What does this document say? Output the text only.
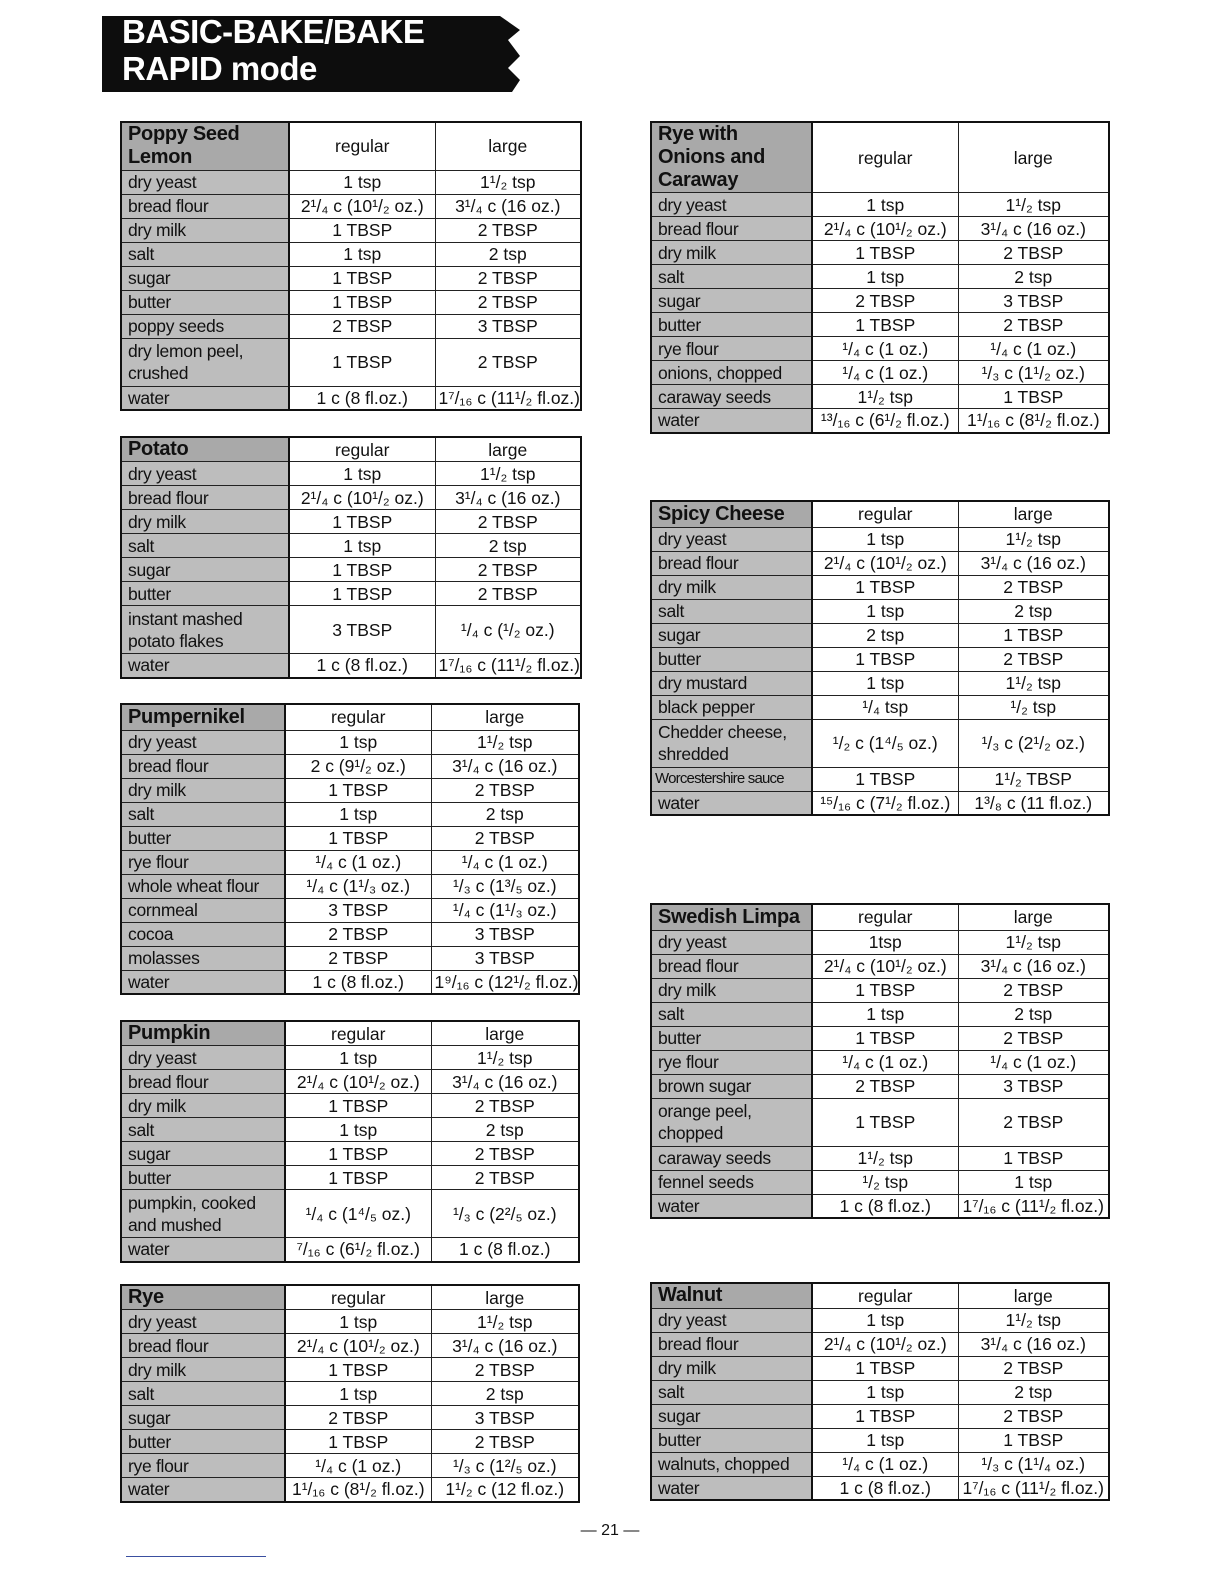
BASIC-BAKE/BAKE
RAPID mode
Poppy Seed Lemon	regular	large
dry yeast	1 tsp	1¹/₂ tsp
bread flour	2¹/₄ c (10¹/₂ oz.)	3¹/₄ c (16 oz.)
dry milk	1 TBSP	2 TBSP
salt	1 tsp	2 tsp
sugar	1 TBSP	2 TBSP
butter	1 TBSP	2 TBSP
poppy seeds	2 TBSP	3 TBSP
dry lemon peel, crushed	1 TBSP	2 TBSP
water	1 c (8 fl.oz.)	1⁷/₁₆ c (11¹/₂ fl.oz.)
Potato	regular	large
dry yeast	1 tsp	1¹/₂ tsp
bread flour	2¹/₄ c (10¹/₂ oz.)	3¹/₄ c (16 oz.)
dry milk	1 TBSP	2 TBSP
salt	1 tsp	2 tsp
sugar	1 TBSP	2 TBSP
butter	1 TBSP	2 TBSP
instant mashed potato flakes	3 TBSP	¹/₄ c (¹/₂ oz.)
water	1 c (8 fl.oz.)	1⁷/₁₆ c (11¹/₂ fl.oz.)
Pumpernikel	regular	large
dry yeast	1 tsp	1¹/₂ tsp
bread flour	2 c (9¹/₂ oz.)	3¹/₄ c (16 oz.)
dry milk	1 TBSP	2 TBSP
salt	1 tsp	2 tsp
butter	1 TBSP	2 TBSP
rye flour	¹/₄ c (1 oz.)	¹/₄ c (1 oz.)
whole wheat flour	¹/₄ c (1¹/₃ oz.)	¹/₃ c (1³/₅ oz.)
cornmeal	3 TBSP	¹/₄ c (1¹/₃ oz.)
cocoa	2 TBSP	3 TBSP
molasses	2 TBSP	3 TBSP
water	1 c (8 fl.oz.)	1⁹/₁₆ c (12¹/₂ fl.oz.)
Pumpkin	regular	large
dry yeast	1 tsp	1¹/₂ tsp
bread flour	2¹/₄ c (10¹/₂ oz.)	3¹/₄ c (16 oz.)
dry milk	1 TBSP	2 TBSP
salt	1 tsp	2 tsp
sugar	1 TBSP	2 TBSP
butter	1 TBSP	2 TBSP
pumpkin, cooked and mushed	¹/₄ c (1⁴/₅ oz.)	¹/₃ c (2²/₅ oz.)
water	⁷/₁₆ c (6¹/₂ fl.oz.)	1 c (8 fl.oz.)
Rye	regular	large
dry yeast	1 tsp	1¹/₂ tsp
bread flour	2¹/₄ c (10¹/₂ oz.)	3¹/₄ c (16 oz.)
dry milk	1 TBSP	2 TBSP
salt	1 tsp	2 tsp
sugar	2 TBSP	3 TBSP
butter	1 TBSP	2 TBSP
rye flour	¹/₄ c (1 oz.)	¹/₃ c (1²/₅ oz.)
water	1¹/₁₆ c (8¹/₂ fl.oz.)	1¹/₂ c (12 fl.oz.)
Rye with Onions and Caraway	regular	large
dry yeast	1 tsp	1¹/₂ tsp
bread flour	2¹/₄ c (10¹/₂ oz.)	3¹/₄ c (16 oz.)
dry milk	1 TBSP	2 TBSP
salt	1 tsp	2 tsp
sugar	2 TBSP	3 TBSP
butter	1 TBSP	2 TBSP
rye flour	¹/₄ c (1 oz.)	¹/₄ c (1 oz.)
onions, chopped	¹/₄ c (1 oz.)	¹/₃ c (1¹/₂ oz.)
caraway seeds	1¹/₂ tsp	1 TBSP
water	¹³/₁₆ c (6¹/₂ fl.oz.)	1¹/₁₆ c (8¹/₂ fl.oz.)
Spicy Cheese	regular	large
dry yeast	1 tsp	1¹/₂ tsp
bread flour	2¹/₄ c (10¹/₂ oz.)	3¹/₄ c (16 oz.)
dry milk	1 TBSP	2 TBSP
salt	1 tsp	2 tsp
sugar	2 tsp	1 TBSP
butter	1 TBSP	2 TBSP
dry mustard	1 tsp	1¹/₂ tsp
black pepper	¹/₄ tsp	¹/₂ tsp
Chedder cheese, shredded	¹/₂ c (1⁴/₅ oz.)	¹/₃ c (2¹/₂ oz.)
Worcestershire sauce	1 TBSP	1¹/₂ TBSP
water	¹⁵/₁₆ c (7¹/₂ fl.oz.)	1³/₈ c (11 fl.oz.)
Swedish Limpa	regular	large
dry yeast	1tsp	1¹/₂ tsp
bread flour	2¹/₄ c (10¹/₂ oz.)	3¹/₄ c (16 oz.)
dry milk	1 TBSP	2 TBSP
salt	1 tsp	2 tsp
butter	1 TBSP	2 TBSP
rye flour	¹/₄ c (1 oz.)	¹/₄ c (1 oz.)
brown sugar	2 TBSP	3 TBSP
orange peel, chopped	1 TBSP	2 TBSP
caraway seeds	1¹/₂ tsp	1 TBSP
fennel seeds	¹/₂ tsp	1 tsp
water	1 c (8 fl.oz.)	1⁷/₁₆ c (11¹/₂ fl.oz.)
Walnut	regular	large
dry yeast	1 tsp	1¹/₂ tsp
bread flour	2¹/₄ c (10¹/₂ oz.)	3¹/₄ c (16 oz.)
dry milk	1 TBSP	2 TBSP
salt	1 tsp	2 tsp
sugar	1 TBSP	2 TBSP
butter	1 tsp	1 TBSP
walnuts, chopped	¹/₄ c (1 oz.)	¹/₃ c (1¹/₄ oz.)
water	1 c (8 fl.oz.)	1⁷/₁₆ c (11¹/₂ fl.oz.)
— 21 —
